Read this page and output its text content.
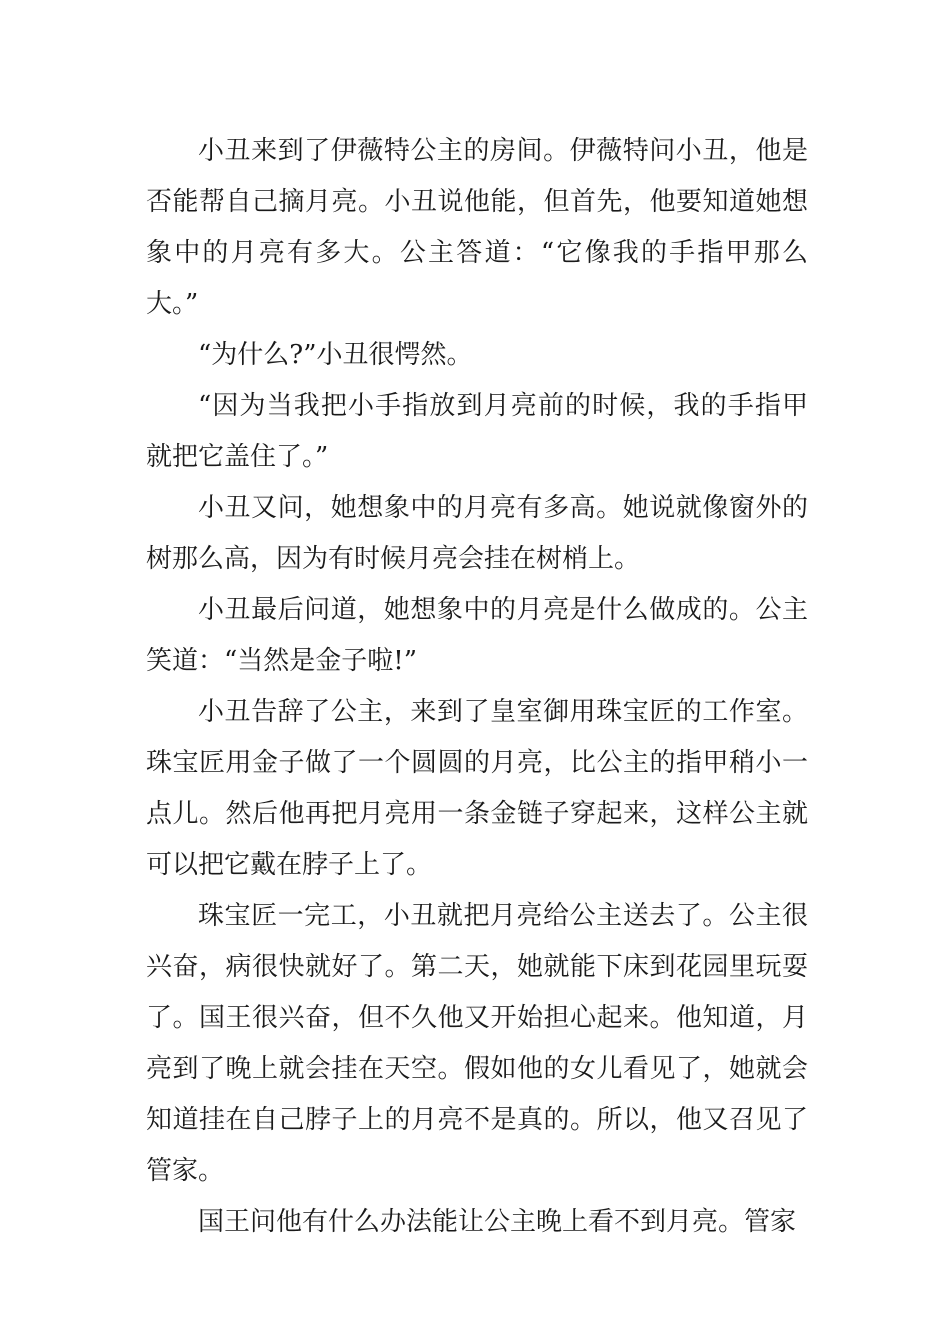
小丑来到了伊薇特公主的房间。伊薇特问小丑，他是否能帮自己摘月亮。小丑说他能，但首先，他要知道她想象中的月亮有多大。公主答道：“它像我的手指甲那么大。”

“为什么?”小丑很愕然。

“因为当我把小手指放到月亮前的时候，我的手指甲就把它盖住了。”

小丑又问，她想象中的月亮有多高。她说就像窗外的树那么高，因为有时候月亮会挂在树梢上。

小丑最后问道，她想象中的月亮是什么做成的。公主笑道：“当然是金子啦!”

小丑告辞了公主，来到了皇室御用珠宝匠的工作室。珠宝匠用金子做了一个圆圆的月亮，比公主的指甲稍小一点儿。然后他再把月亮用一条金链子穿起来，这样公主就可以把它戴在脖子上了。

珠宝匠一完工，小丑就把月亮给公主送去了。公主很兴奋，病很快就好了。第二天，她就能下床到花园里玩耍了。国王很兴奋，但不久他又开始担心起来。他知道，月亮到了晚上就会挂在天空。假如他的女儿看见了，她就会知道挂在自己脖子上的月亮不是真的。所以，他又召见了管家。

国王问他有什么办法能让公主晚上看不到月亮。管家
